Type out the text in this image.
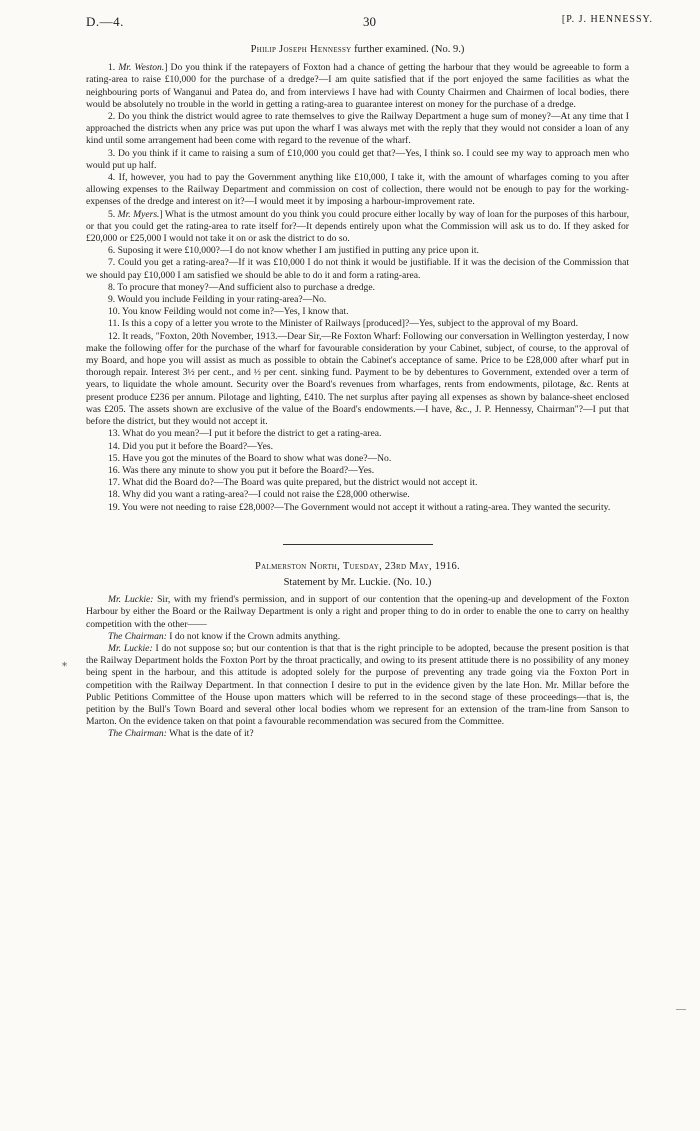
D.—4.	30	[P. J. HENNESSY.
Philip Joseph Hennessy further examined. (No. 9.)

1. Mr. Weston.] Do you think if the ratepayers of Foxton had a chance of getting the harbour that they would be agreeable to form a rating-area to raise £10,000 for the purchase of a dredge?—I am quite satisfied that if the port enjoyed the same facilities as what the neighbouring ports of Wanganui and Patea do, and from interviews I have had with County Chairmen and Chairmen of local bodies, there would be absolutely no trouble in the world in getting a rating-area to guarantee interest on money for the purchase of a dredge.

2. Do you think the district would agree to rate themselves to give the Railway Department a huge sum of money?—At any time that I approached the districts when any price was put upon the wharf I was always met with the reply that they would not consider a loan of any kind until some arrangement had been come with regard to the revenue of the wharf.

3. Do you think if it came to raising a sum of £10,000 you could get that?—Yes, I think so. I could see my way to approach men who would put up half.

4. If, however, you had to pay the Government anything like £10,000, I take it, with the amount of wharfages coming to you after allowing expenses to the Railway Department and commission on cost of collection, there would not be enough to pay for the working-expenses of the dredge and interest on it?—I would meet it by imposing a harbour-improvement rate.

5. Mr. Myers.] What is the utmost amount do you think you could procure either locally by way of loan for the purposes of this harbour, or that you could get the rating-area to rate itself for?—It depends entirely upon what the Commission will ask us to do. If they asked for £20,000 or £25,000 I would not take it on or ask the district to do so.

6. Suposing it were £10,000?—I do not know whether I am justified in putting any price upon it.

7. Could you get a rating-area?—If it was £10,000 I do not think it would be justifiable. If it was the decision of the Commission that we should pay £10,000 I am satisfied we should be able to do it and form a rating-area.

8. To procure that money?—And sufficient also to purchase a dredge.

9. Would you include Feilding in your rating-area?—No.

10. You know Feilding would not come in?—Yes, I know that.

11. Is this a copy of a letter you wrote to the Minister of Railways [produced]?—Yes, subject to the approval of my Board.

12. It reads, "Foxton, 20th November, 1913.—Dear Sir,—Re Foxton Wharf: Following our conversation in Wellington yesterday, I now make the following offer for the purchase of the wharf for favourable consideration by your Cabinet, subject, of course, to the approval of my Board, and hope you will assist as much as possible to obtain the Cabinet's acceptance of same. Price to be £28,000 after wharf put in thorough repair. Interest 3½ per cent., and ½ per cent. sinking fund. Payment to be by debentures to Government, extended over a term of years, to liquidate the whole amount. Security over the Board's revenues from wharfages, rents from endowments, pilotage, &c. Rents at present produce £236 per annum. Pilotage and lighting, £410. The net surplus after paying all expenses as shown by balance-sheet enclosed was £205. The assets shown are exclusive of the value of the Board's endowments.—I have, &c., J. P. Hennessy, Chairman"?—I put that before the district, but they would not accept it.

13. What do you mean?—I put it before the district to get a rating-area.

14. Did you put it before the Board?—Yes.

15. Have you got the minutes of the Board to show what was done?—No.

16. Was there any minute to show you put it before the Board?—Yes.

17. What did the Board do?—The Board was quite prepared, but the district would not accept it.

18. Why did you want a rating-area?—I could not raise the £28,000 otherwise.

19. You were not needing to raise £28,000?—The Government would not accept it without a rating-area. They wanted the security.

Palmerston North, Tuesday, 23rd May, 1916.
Statement by Mr. Luckie. (No. 10.)

Mr. Luckie: Sir, with my friend's permission, and in support of our contention that the opening-up and development of the Foxton Harbour by either the Board or the Railway Department is only a right and proper thing to do in order to enable the one to carry on healthy competition with the other——

The Chairman: I do not know if the Crown admits anything.

Mr. Luckie: I do not suppose so; but our contention is that that is the right principle to be adopted, because the present position is that the Railway Department holds the Foxton Port by the throat practically, and owing to its present attitude there is no possibility of any money being spent in the harbour, and this attitude is adopted solely for the purpose of preventing any trade going via the Foxton Port in competition with the Railway Department. In that connection I desire to put in the evidence given by the late Hon. Mr. Millar before the Public Petitions Committee of the House upon matters which will be referred to in the second stage of these proceedings—that is, the petition by the Bull's Town Board and several other local bodies whom we represent for an extension of the tram-line from Sanson to Marton. On the evidence taken on that point a favourable recommendation was secured from the Committee.

The Chairman: What is the date of it?

⁎
—
